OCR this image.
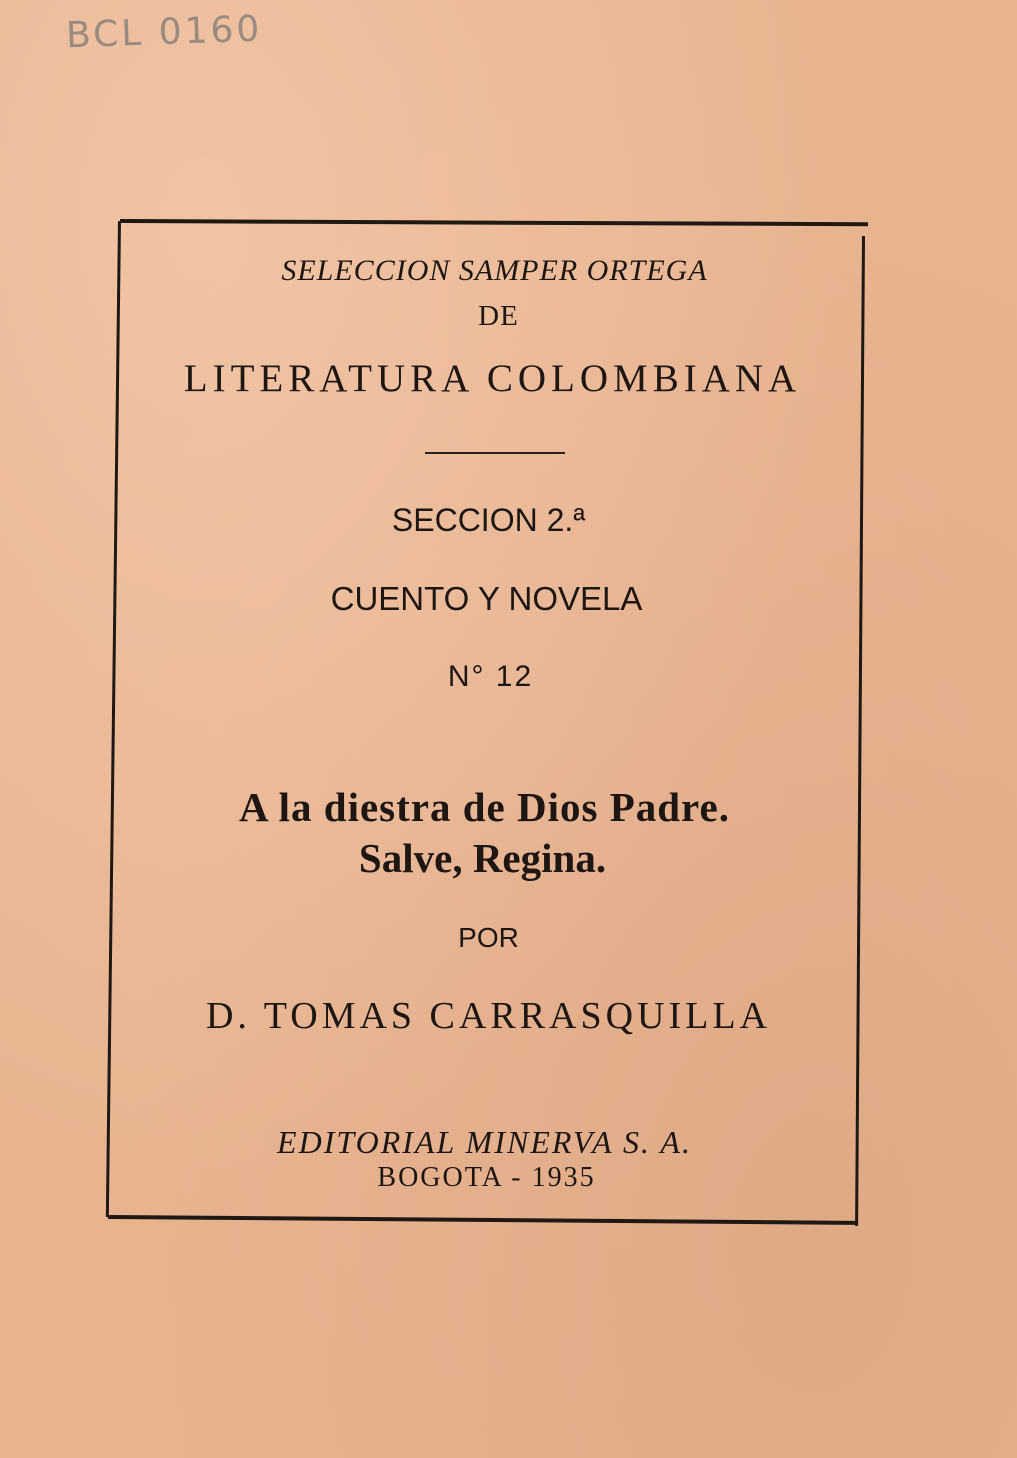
BCL 0160
SELECCION SAMPER ORTEGA
DE
LITERATURA COLOMBIANA
SECCION 2.ª
CUENTO Y NOVELA
N° 12
A la diestra de Dios Padre.
Salve, Regina.
POR
D. TOMAS CARRASQUILLA
EDITORIAL MINERVA S. A.
BOGOTA - 1935
